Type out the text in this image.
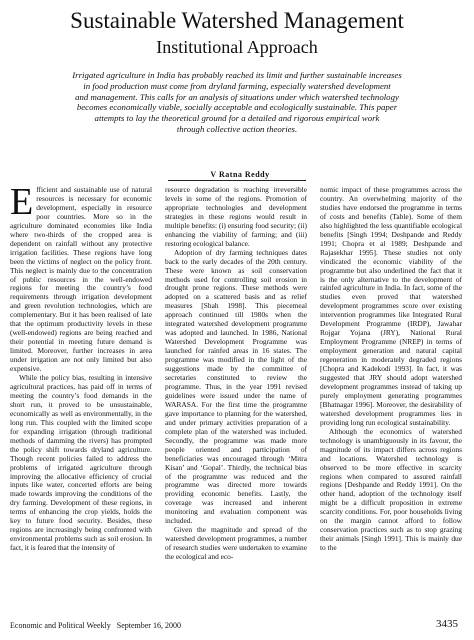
Sustainable Watershed Management
Institutional Approach

Irrigated agriculture in India has probably reached its limit and further sustainable increases

in food production must come from dryland farming, especially watershed development

and management. This calls for an analysis of situations under which watershed technology

becomes economically viable, socially acceptable and ecologically sustainable. This paper

attempts to lay the theoretical ground for a detailed and rigorous empirical work

through collective action theories.

V Ratna Reddy
E fficient and sustainable use of natural resources is necessary for economic development, especially in resource poor countries. More so in the agriculture dominated economies like India where two-thirds of the cropped area is dependent on rainfall without any protective irrigation facilities. These regions have long been the victims of neglect on the policy front. This neglect is mainly due to the concentration of public resources in the well-endowed regions for meeting the country’s food requirements through irrigation development and green revolution technologies, which are complementary. But it has been realised of late that the optimum productivity levels in these (well-endowed) regions are being reached and their potential in meeting future demand is limited. Moreover, further increases in area under irrigation are not only limited but also expensive.

While the policy bias, resulting in intensive agricultural practices, has paid off in terms of meeting the country’s food demands in the short run, it proved to be unsustainable, economically as well as environmentally, in the long run. This coupled with the limited scope for expanding irrigation (through traditional methods of damming the rivers) has prompted the policy shift towards dryland agriculture. Though recent policies failed to address the problems of irrigated agriculture through improving the allocative efficiency of crucial inputs like water, concerted efforts are being made towards improving the conditions of the dry farming. Development of these regions, in terms of enhancing the crop yields, holds the key to future food security. Besides, these regions are increasingly being confronted with environmental problems such as soil erosion. In fact, it is feared that the intensity of

resource degradation is reaching irreversible levels in some of the regions. Promotion of appropriate technologies and development strategies in these regions would result in multiple benefits: (i) ensuring food security; (ii) enhancing the viability of farming; and (iii) restoring ecological balance.

Adoption of dry farming techniques dates back to the early decades of the 20th century. These were known as soil conservation methods used for controlling soil erosion in drought prone regions. These methods were adopted on a scattered basis and as relief measures [Shah 1998]. This piecemeal approach continued till 1980s when the integrated watershed development programme was adopted and launched. In 1986, National Watershed Development Programme was launched for rainfed areas in 16 states. The programme was modified in the light of the suggestions made by the committee of secretaries constituted to review the programme. Thus, in the year 1991 revised guidelines were issued under the name of WARASA. For the first time the programme gave importance to planning for the watershed, and under primary activities preparation of a complete plan of the watershed was included. Secondly, the programme was made more people oriented and participation of beneficiaries was encouraged through ‘Mitra Kisan’ and ‘Gopal’. Thirdly, the technical bias of the programme was reduced and the programme was directed more towards providing economic benefits. Lastly, the coverage was increased and inherent monitoring and evaluation component was included.

Given the magnitude and spread of the watershed development programmes, a number of research studies were undertaken to examine the ecological and eco-

nomic impact of these programmes across the country. An overwhelming majority of the studies have endorsed the programme in terms of costs and benefits (Table). Some of them also highlighted the less quantifiable ecological benefits [Singh 1994; Deshpande and Reddy 1991; Chopra et al 1989; Deshpande and Rajasekhar 1995]. These studies not only vindicated the economic viability of the programme but also underlined the fact that it is the only alternative to the development of rainfed agriculture in India. In fact, some of the studies even proved that watershed development programmes score over existing intervention programmes like Integrated Rural Development Programme (IRDP), Jawahar Rojgar Yojana (JRY), National Rural Employment Programme (NREP) in terms of employment generation and natural capital regeneration in moderately degraded regions [Chopra and Kadekodi 1993]. In fact, it was suggested that JRY should adopt watershed development programmes instead of taking up purely employment generating programmes [Bhatnagar 1996]. Moreover, the desirability of watershed development programmes lies in providing long run ecological sustainability.

Although the economics of watershed technology is unambiguously in its favour, the magnitude of its impact differs across regions and locations. Watershed technology is observed to be more effective in scarcity regions when compared to assured rainfall regions [Deshpande and Reddy 1991]. On the other hand, adoption of the technology itself might be a difficult proposition in extreme scarcity conditions. For, poor households living on the margin cannot afford to follow conservation practices such as to stop grazing their animals [Singh 1991]. This is mainly due to the

Economic and Political Weekly September 16, 2000	3435
